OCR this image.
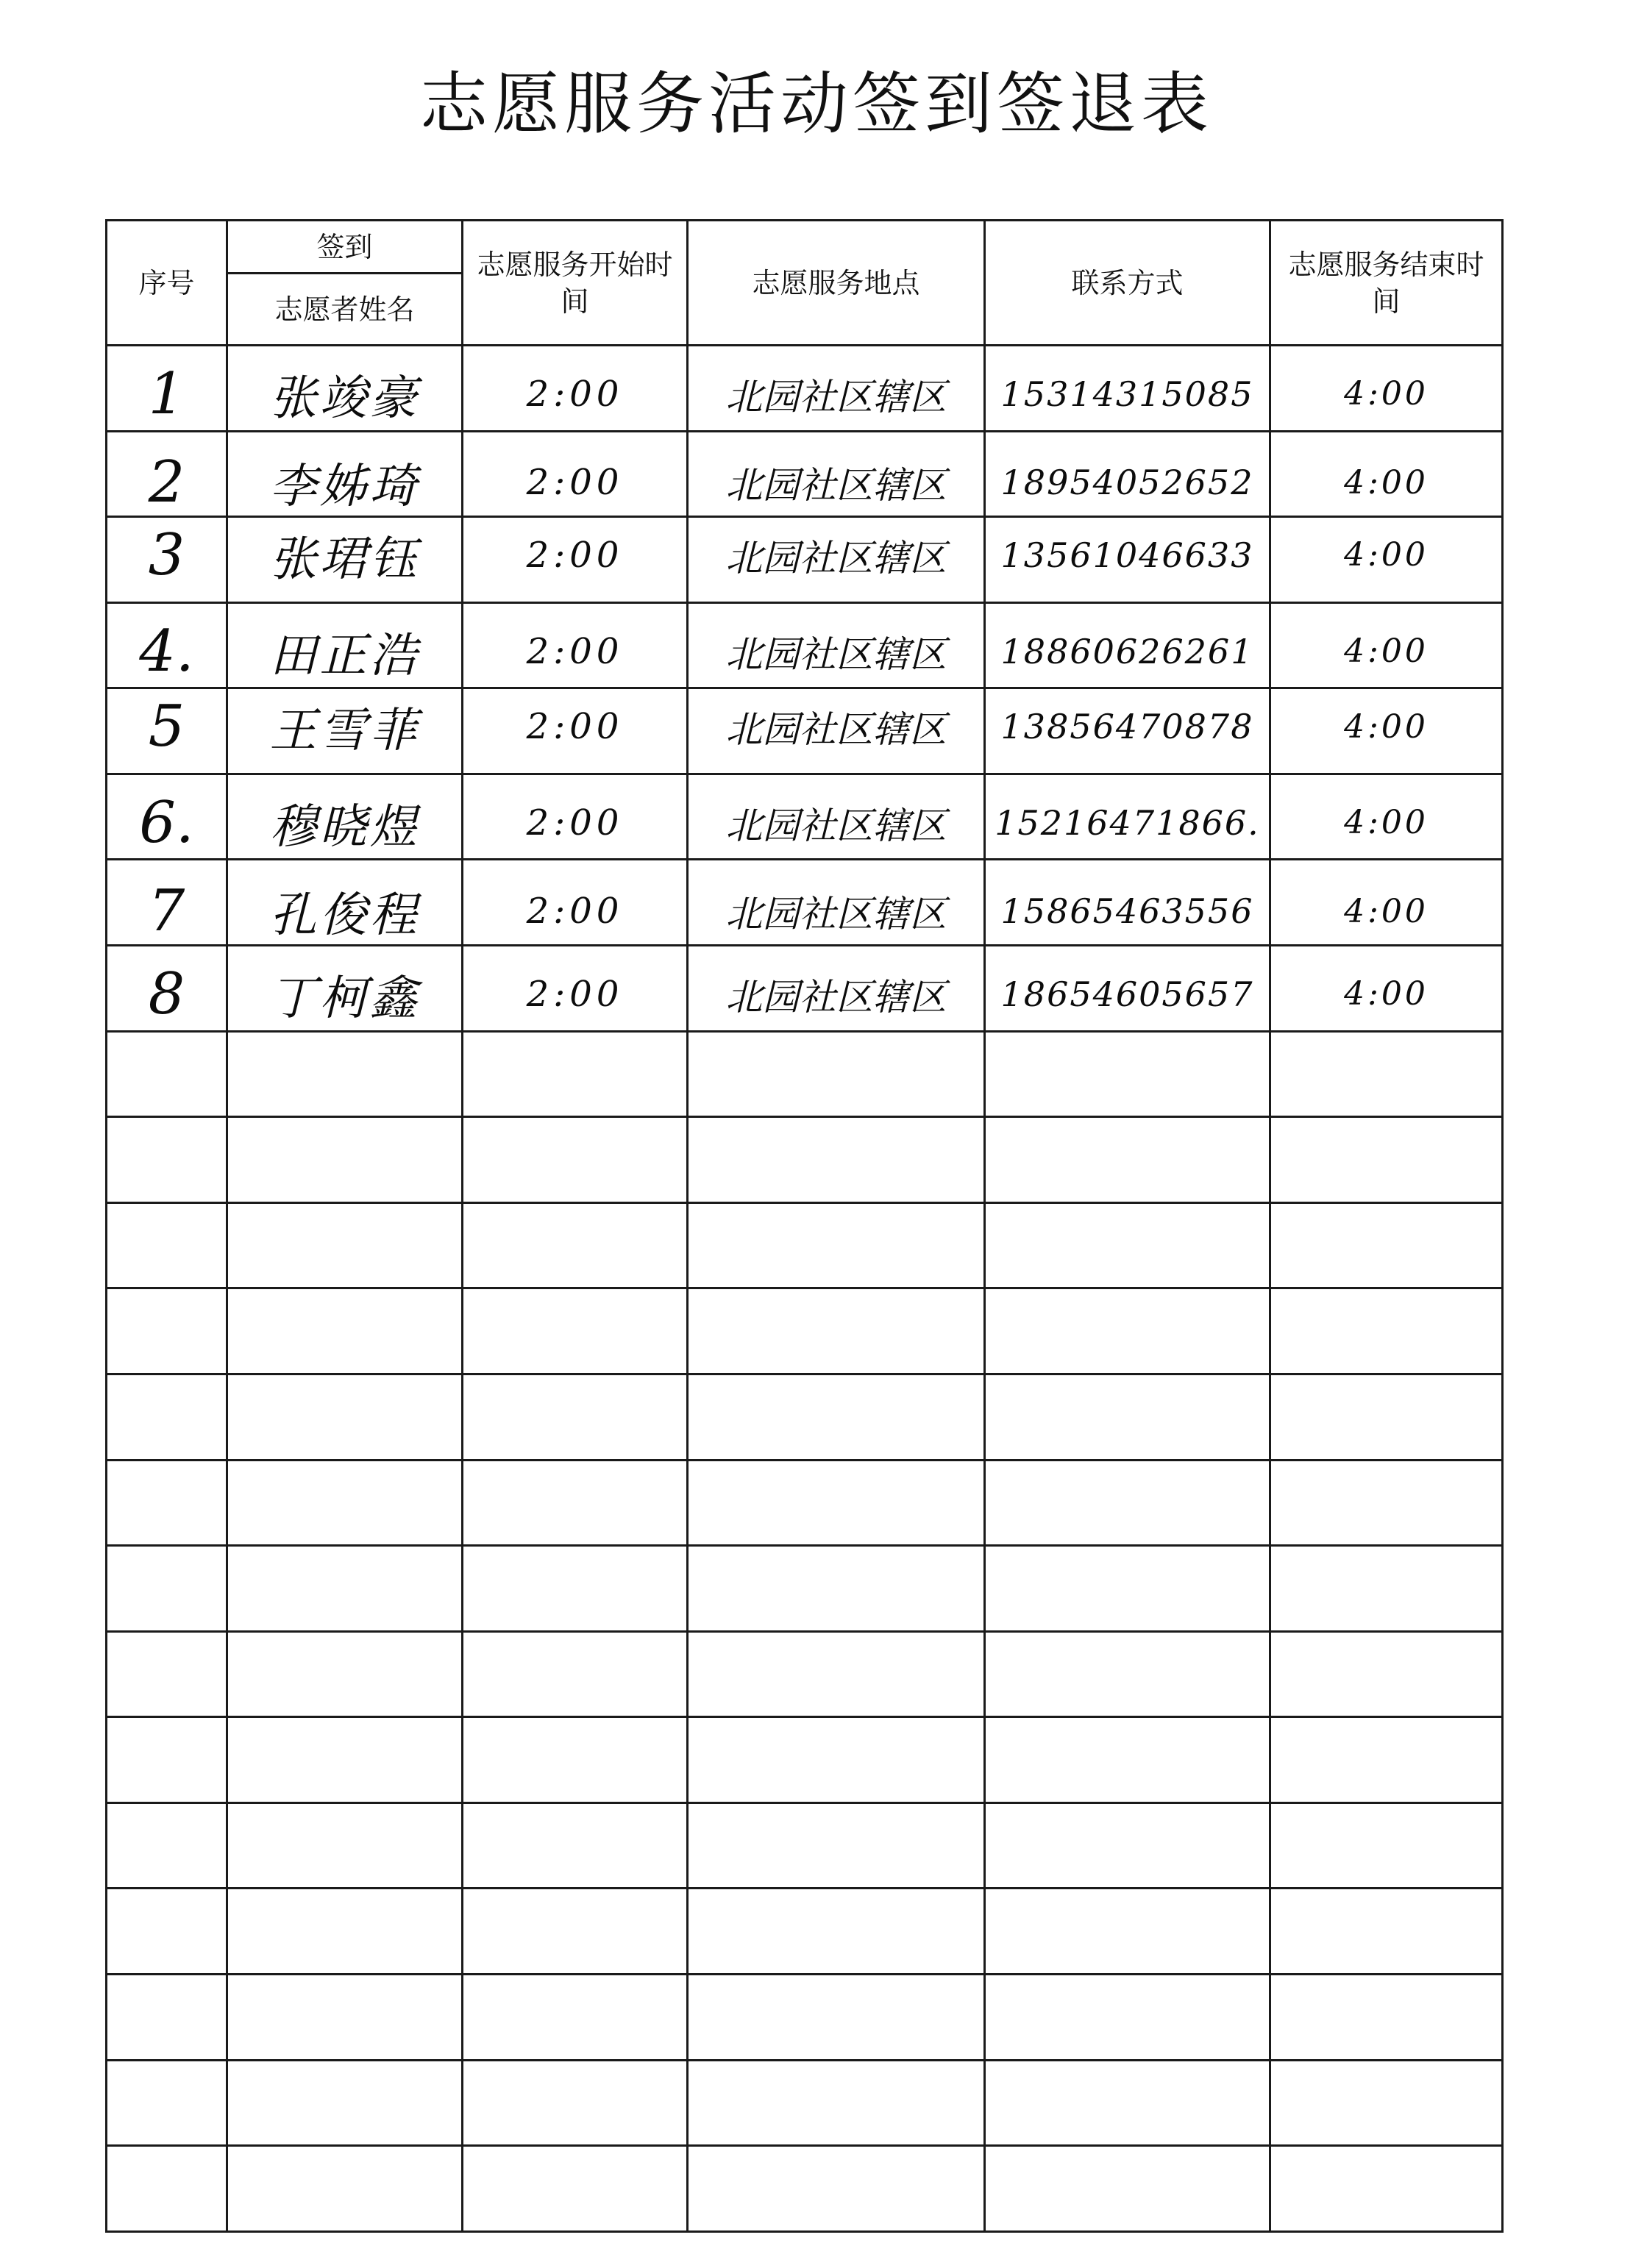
志愿服务活动签到签退表
序号	签到	志愿服务开始时间	志愿服务地点	联系方式	志愿服务结束时间
	志愿者姓名				
1	张竣豪	2:00	北园社区辖区	15314315085	4:00
2	李姊琦	2:00	北园社区辖区	18954052652	4:00
3	张珺钰	2:00	北园社区辖区	13561046633	4:00
4.	田正浩	2:00	北园社区辖区	18860626261	4:00
5	王雪菲	2:00	北园社区辖区	13856470878	4:00
6.	穆晓煜	2:00	北园社区辖区	15216471866.	4:00
7	孔俊程	2:00	北园社区辖区	15865463556	4:00
8	丁柯鑫	2:00	北园社区辖区	18654605657	4:00
